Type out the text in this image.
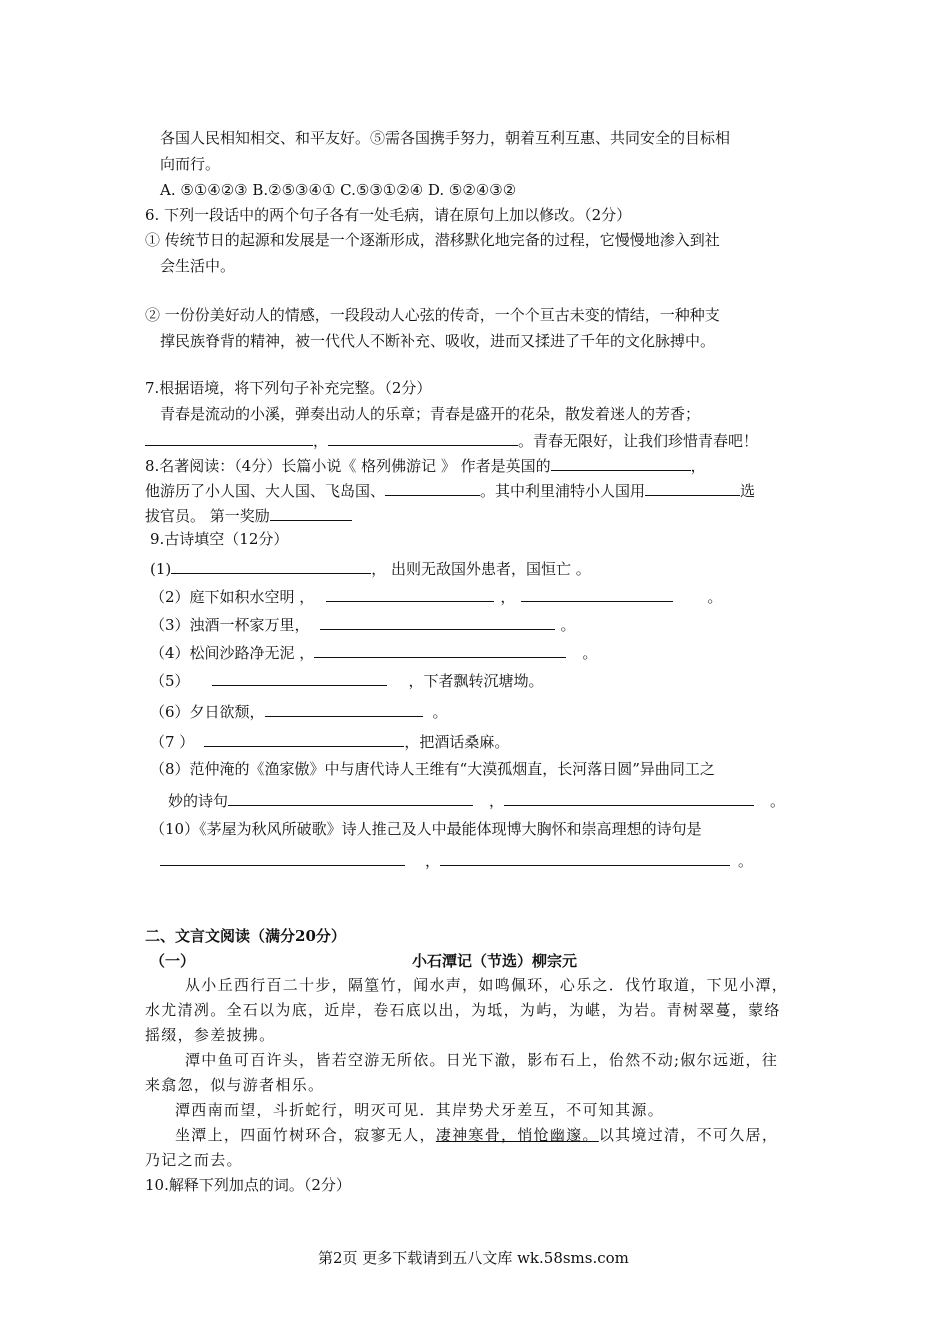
各国人民相知相交、和平友好。⑤需各国携手努力，朝着互利互惠、共同安全的目标相
向而行。
A. ⑤①④②③ B.②⑤③④① C.⑤③①②④ D. ⑤②④③②
6. 下列一段话中的两个句子各有一处毛病，请在原句上加以修改。（2分）
① 传统节日的起源和发展是一个逐渐形成，潜移默化地完备的过程，它慢慢地渗入到社
会生活中。
② 一份份美好动人的情感，一段段动人心弦的传奇，一个个亘古未变的情结，一种种支
撑民族脊背的精神，被一代代人不断补充、吸收，进而又揉进了千年的文化脉搏中。
7.根据语境，将下列句子补充完整。（2分）
青春是流动的小溪，弹奏出动人的乐章；青春是盛开的花朵，散发着迷人的芳香；
，	。青春无限好，让我们珍惜青春吧！
8.名著阅读：（4分）长篇小说《 格列佛游记 》 作者是英国的	，
他游历了小人国、大人国、飞岛国、	。其中利里浦特小人国用	选
拔官员。 第一奖励
9.古诗填空（12分）
(1)	， 出则无敌国外患者，国恒亡 。
（2）庭下如积水空明 ，	，	。
（3）浊酒一杯家万里，	。
（4）松间沙路净无泥 ，	。
（5）	，下者飘转沉塘坳。
（6）夕日欲颓，	。
（7 ）	，把酒话桑麻。
（8）范仲淹的《渔家傲》中与唐代诗人王维有“大漠孤烟直，长河落日圆”异曲同工之
妙的诗句	，	。
（10）《茅屋为秋风所破歌》诗人推己及人中最能体现博大胸怀和崇高理想的诗句是
，	。
二、文言文阅读（满分20分）
（一）	小石潭记（节选）柳宗元
从小丘西行百二十步，隔篁竹，闻水声，如鸣佩环，心乐之．伐竹取道，下见小潭，
水尤清冽。全石以为底，近岸，卷石底以出，为坻，为屿，为嵁，为岩。青树翠蔓，蒙络
摇缀，参差披拂。
潭中鱼可百许头，皆若空游无所依。日光下澈，影布石上，佁然不动;俶尔远逝，往
来翕忽，似与游者相乐。
潭西南而望，斗折蛇行，明灭可见．其岸势犬牙差互，不可知其源。
坐潭上，四面竹树环合，寂寥无人，凄神寒骨，悄怆幽邃。以其境过清，不可久居，
乃记之而去。
10.解释下列加点的词。（2分）
第2页 更多下载请到五八文库 wk.58sms.com
